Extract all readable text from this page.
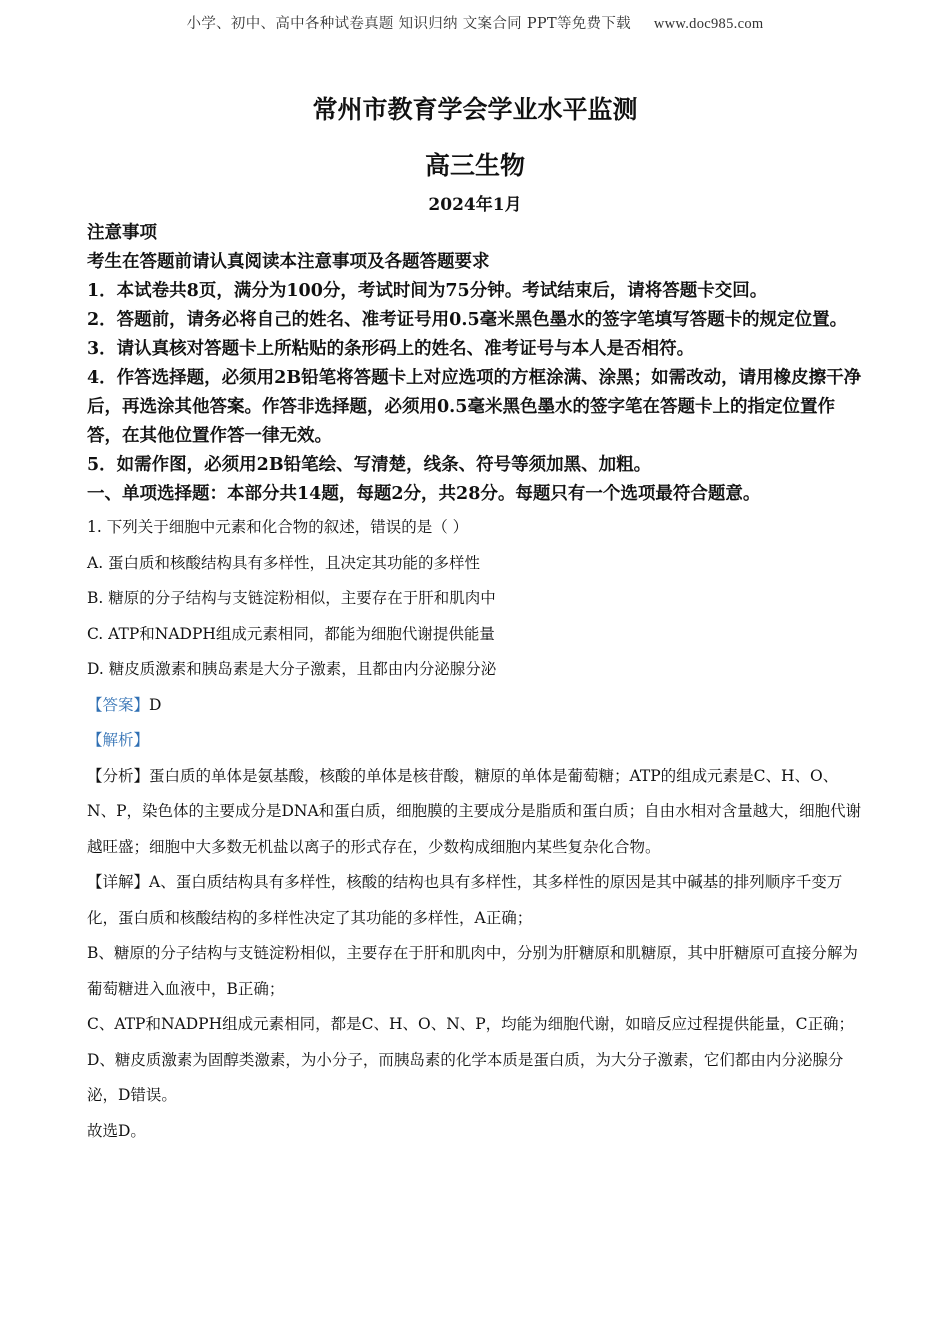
小学、初中、高中各种试卷真题 知识归纳 文案合同 PPT等免费下载 www.doc985.com
常州市教育学会学业水平监测
高三生物
2024年1月

注意事项

考生在答题前请认真阅读本注意事项及各题答题要求

1．本试卷共8页，满分为100分，考试时间为75分钟。考试结束后，请将答题卡交回。

2．答题前，请务必将自己的姓名、准考证号用0.5毫米黑色墨水的签字笔填写答题卡的规定位置。

3．请认真核对答题卡上所粘贴的条形码上的姓名、准考证号与本人是否相符。

4．作答选择题，必须用2B铅笔将答题卡上对应选项的方框涂满、涂黑；如需改动，请用橡皮擦干净后，再选涂其他答案。作答非选择题，必须用0.5毫米黑色墨水的签字笔在答题卡上的指定位置作答，在其他位置作答一律无效。

5．如需作图，必须用2B铅笔绘、写清楚，线条、符号等须加黑、加粗。

一、单项选择题：本部分共14题，每题2分，共28分。每题只有一个选项最符合题意。

1. 下列关于细胞中元素和化合物的叙述，错误的是（ ）

A. 蛋白质和核酸结构具有多样性，且决定其功能的多样性

B. 糖原的分子结构与支链淀粉相似，主要存在于肝和肌肉中

C. ATP和NADPH组成元素相同，都能为细胞代谢提供能量

D. 糖皮质激素和胰岛素是大分子激素，且都由内分泌腺分泌

【答案】D

【解析】

【分析】蛋白质的单体是氨基酸，核酸的单体是核苷酸，糖原的单体是葡萄糖；ATP的组成元素是C、H、O、N、P，染色体的主要成分是DNA和蛋白质，细胞膜的主要成分是脂质和蛋白质；自由水相对含量越大，细胞代谢越旺盛；细胞中大多数无机盐以离子的形式存在，少数构成细胞内某些复杂化合物。

【详解】A、蛋白质结构具有多样性，核酸的结构也具有多样性，其多样性的原因是其中碱基的排列顺序千变万化，蛋白质和核酸结构的多样性决定了其功能的多样性，A正确；

B、糖原的分子结构与支链淀粉相似，主要存在于肝和肌肉中，分别为肝糖原和肌糖原，其中肝糖原可直接分解为葡萄糖进入血液中，B正确；

C、ATP和NADPH组成元素相同，都是C、H、O、N、P，均能为细胞代谢，如暗反应过程提供能量，C正确；

D、糖皮质激素为固醇类激素，为小分子，而胰岛素的化学本质是蛋白质，为大分子激素，它们都由内分泌腺分泌，D错误。

故选D。
